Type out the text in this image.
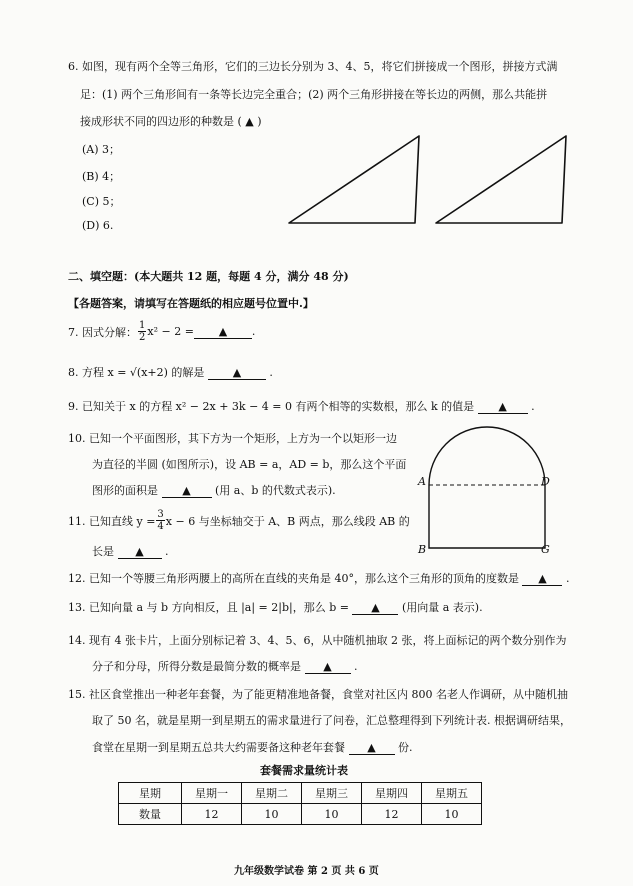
6. 如图，现有两个全等三角形，它们的三边长分别为 3、4、5，将它们拼接成一个图形，拼接方式满
足：(1) 两个三角形间有一条等长边完全重合；(2) 两个三角形拼接在等长边的两侧，那么共能拼
接成形状不同的四边形的种数是 ( ▲ )
(A) 3；
(B) 4；
(C) 5；
(D) 6.
二、填空题：(本大题共 12 题，每题 4 分，满分 48 分)
【各题答案，请填写在答题纸的相应题号位置中.】
7. 因式分解： $\frac{1}{2} x^2 - 2$ =	▲	.
8. 方程 x = √(x+2) 的解是	▲	.
9. 已知关于 x 的方程 x² − 2x + 3k − 4 = 0 有两个相等的实数根，那么 k 的值是 ▲ .
10. 已知一个平面图形，其下方为一个矩形，上方为一个以矩形一边
为直径的半圆 (如图所示)，设 AB = a，AD = b，那么这个平面
图形的面积是 ▲ (用 a、b 的代数式表示).
A	D
B	G
11. 已知直线 $y = \frac{3}{4}$ x − 6 与坐标轴交于 A、B 两点，那么线段 AB 的
长是 ▲ .
12. 已知一个等腰三角形两腰上的高所在直线的夹角是 40°，那么这个三角形的顶角的度数是 ▲ .
13. 已知向量 a 与 b 方向相反，且 |a| = 2|b|，那么 b = ▲ (用向量 a 表示).
14. 现有 4 张卡片，上面分别标记着 3、4、5、6，从中随机抽取 2 张，将上面标记的两个数分别作为
分子和分母，所得分数是最简分数的概率是 ▲ .
15. 社区食堂推出一种老年套餐，为了能更精准地备餐，食堂对社区内 800 名老人作调研，从中随机抽
取了 50 名，就是星期一到星期五的需求量进行了问卷，汇总整理得到下列统计表. 根据调研结果，
食堂在星期一到星期五总共大约需要备这种老年套餐 ▲ 份.
套餐需求量统计表
星期	星期一	星期二	星期三	星期四	星期五
数量	12	10	10	12	10
九年级数学试卷 第 2 页 共 6 页
